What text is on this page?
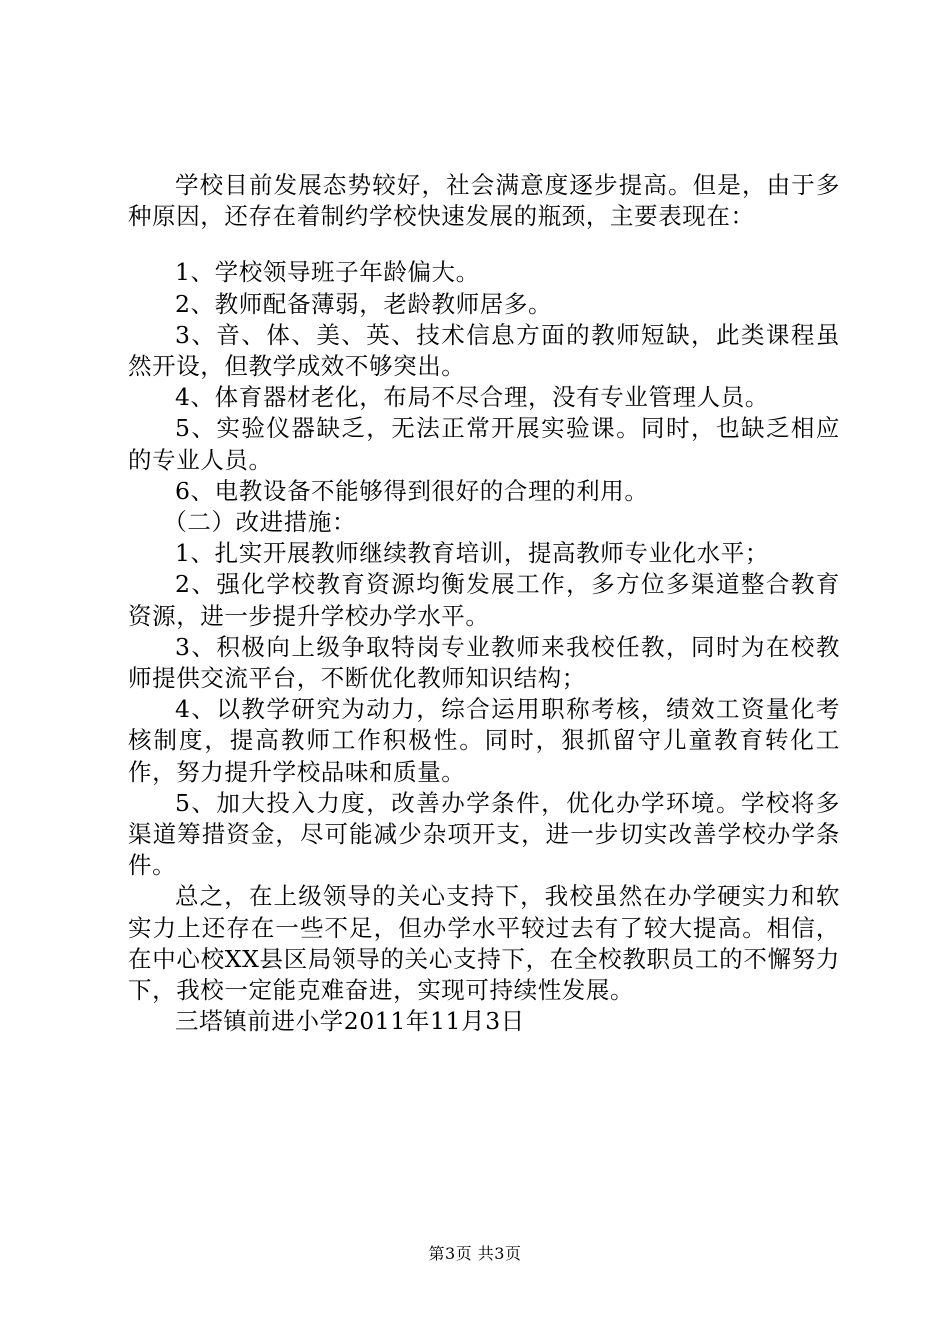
学校目前发展态势较好，社会满意度逐步提高。但是，由于多种原因，还存在着制约学校快速发展的瓶颈，主要表现在：

1、学校领导班子年龄偏大。

2、教师配备薄弱，老龄教师居多。

3、音、体、美、英、技术信息方面的教师短缺，此类课程虽然开设，但教学成效不够突出。

4、体育器材老化，布局不尽合理，没有专业管理人员。

5、实验仪器缺乏，无法正常开展实验课。同时，也缺乏相应的专业人员。

6、电教设备不能够得到很好的合理的利用。

（二）改进措施：

1、扎实开展教师继续教育培训，提高教师专业化水平；

2、强化学校教育资源均衡发展工作，多方位多渠道整合教育资源，进一步提升学校办学水平。

3、积极向上级争取特岗专业教师来我校任教，同时为在校教师提供交流平台，不断优化教师知识结构；

4、以教学研究为动力，综合运用职称考核，绩效工资量化考核制度，提高教师工作积极性。同时，狠抓留守儿童教育转化工作，努力提升学校品味和质量。

5、加大投入力度，改善办学条件，优化办学环境。学校将多渠道筹措资金，尽可能减少杂项开支，进一步切实改善学校办学条件。

总之，在上级领导的关心支持下，我校虽然在办学硬实力和软实力上还存在一些不足，但办学水平较过去有了较大提高。相信，在中心校XX县区局领导的关心支持下，在全校教职员工的不懈努力下，我校一定能克难奋进，实现可持续性发展。

三塔镇前进小学2011年11月3日

第3页 共3页
